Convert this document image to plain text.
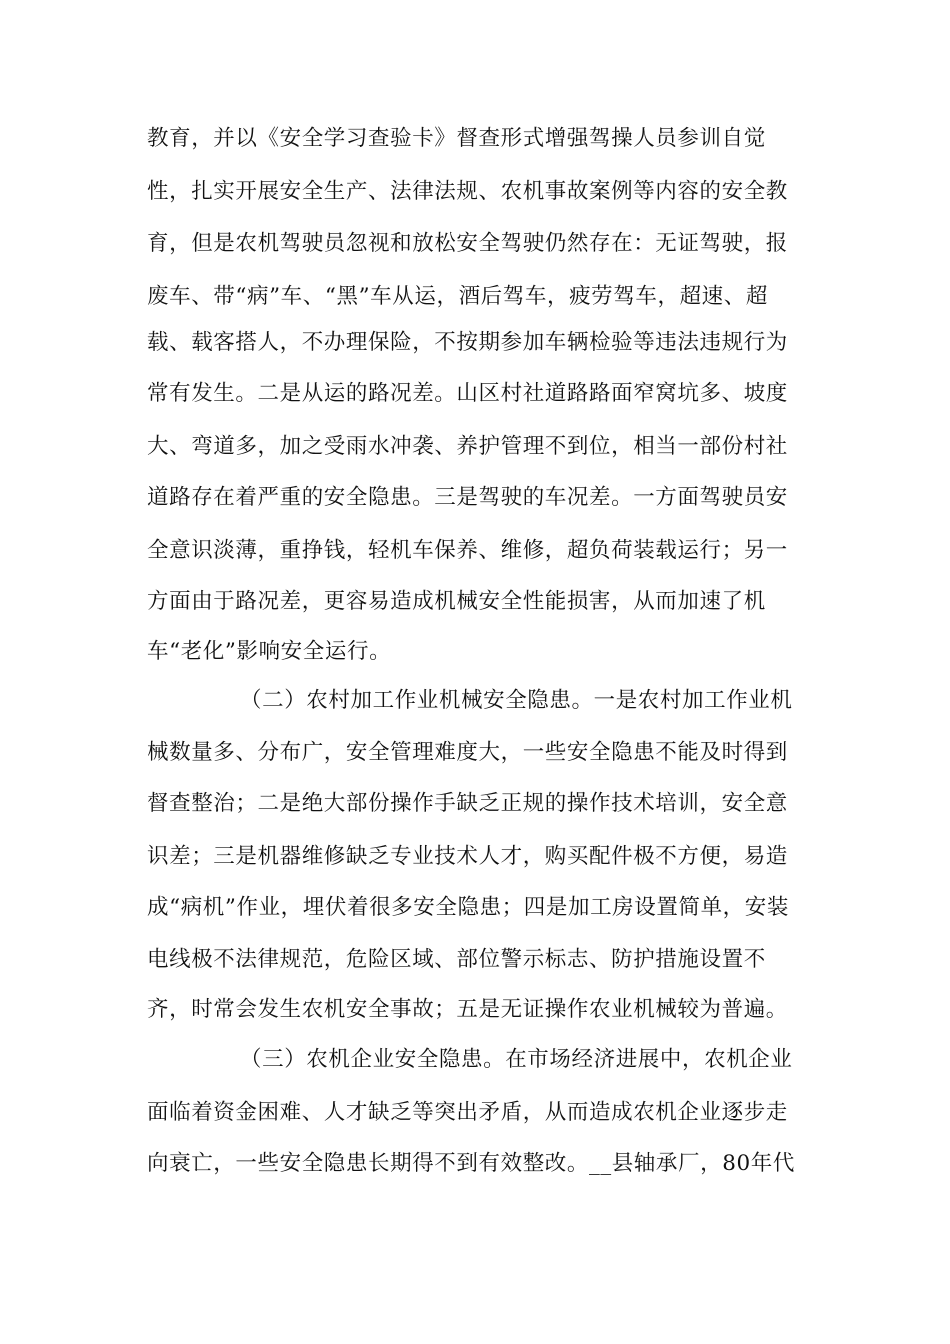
教育，并以《安全学习查验卡》督查形式增强驾操人员参训自觉
性，扎实开展安全生产、法律法规、农机事故案例等内容的安全教
育，但是农机驾驶员忽视和放松安全驾驶仍然存在：无证驾驶，报
废车、带“病”车、“黑”车从运，酒后驾车，疲劳驾车，超速、超
载、载客搭人，不办理保险，不按期参加车辆检验等违法违规行为
常有发生。二是从运的路况差。山区村社道路路面窄窝坑多、坡度
大、弯道多，加之受雨水冲袭、养护管理不到位，相当一部份村社
道路存在着严重的安全隐患。三是驾驶的车况差。一方面驾驶员安
全意识淡薄，重挣钱，轻机车保养、维修，超负荷装载运行；另一
方面由于路况差，更容易造成机械安全性能损害，从而加速了机
车“老化”影响安全运行。
（二）农村加工作业机械安全隐患。一是农村加工作业机
械数量多、分布广，安全管理难度大，一些安全隐患不能及时得到
督查整治；二是绝大部份操作手缺乏正规的操作技术培训，安全意
识差；三是机器维修缺乏专业技术人才，购买配件极不方便，易造
成“病机”作业，埋伏着很多安全隐患；四是加工房设置简单，安装
电线极不法律规范，危险区域、部位警示标志、防护措施设置不
齐，时常会发生农机安全事故；五是无证操作农业机械较为普遍。
（三）农机企业安全隐患。在市场经济进展中，农机企业
面临着资金困难、人才缺乏等突出矛盾，从而造成农机企业逐步走
向衰亡，一些安全隐患长期得不到有效整改。__县轴承厂，80年代
